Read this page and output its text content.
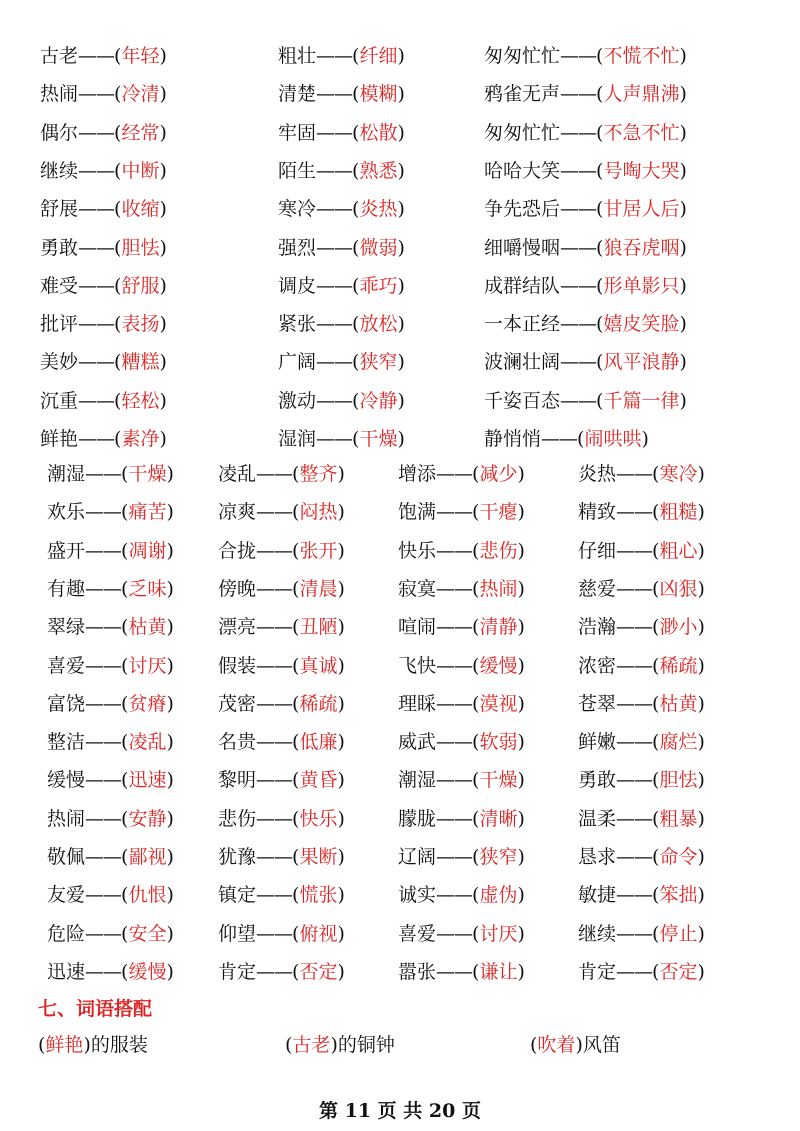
古老——(年轻)	粗壮——(纤细)	匆匆忙忙——(不慌不忙)
热闹——(冷清)	清楚——(模糊)	鸦雀无声——(人声鼎沸)
偶尔——(经常)	牢固——(松散)	匆匆忙忙——(不急不忙)
继续——(中断)	陌生——(熟悉)	哈哈大笑——(号啕大哭)
舒展——(收缩)	寒冷——(炎热)	争先恐后——(甘居人后)
勇敢——(胆怯)	强烈——(微弱)	细嚼慢咽——(狼吞虎咽)
难受——(舒服)	调皮——(乖巧)	成群结队——(形单影只)
批评——(表扬)	紧张——(放松)	一本正经——(嬉皮笑脸)
美妙——(糟糕)	广阔——(狭窄)	波澜壮阔——(风平浪静)
沉重——(轻松)	激动——(冷静)	千姿百态——(千篇一律)
鲜艳——(素净)	湿润——(干燥)	静悄悄——(闹哄哄)
潮湿——(干燥) 凌乱——(整齐)	增添——(减少)	炎热——(寒冷)
欢乐——(痛苦) 凉爽——(闷热)	饱满——(干瘪)	精致——(粗糙)
盛开——(凋谢) 合拢——(张开)	快乐——(悲伤)	仔细——(粗心)
有趣——(乏味) 傍晚——(清晨)	寂寞——(热闹)	慈爱——(凶狠)
翠绿——(枯黄) 漂亮——(丑陋)	喧闹——(清静)	浩瀚——(渺小)
喜爱——(讨厌) 假装——(真诚)	飞快——(缓慢)	浓密——(稀疏)
富饶——(贫瘠) 茂密——(稀疏)	理睬——(漠视)	苍翠——(枯黄)
整洁——(凌乱) 名贵——(低廉)	威武——(软弱)	鲜嫩——(腐烂)
缓慢——(迅速) 黎明——(黄昏)	潮湿——(干燥)	勇敢——(胆怯)
热闹——(安静) 悲伤——(快乐)	朦胧——(清晰)	温柔——(粗暴)
敬佩——(鄙视) 犹豫——(果断)	辽阔——(狭窄)	恳求——(命令)
友爱——(仇恨) 镇定——(慌张)	诚实——(虚伪)	敏捷——(笨拙)
危险——(安全) 仰望——(俯视)	喜爱——(讨厌)	继续——(停止)
迅速——(缓慢) 肯定——(否定)	嚣张——(谦让)	肯定——(否定)
七、词语搭配
(鲜艳)的服装	(古老)的铜钟	(吹着)风笛
第 11 页 共 20 页
